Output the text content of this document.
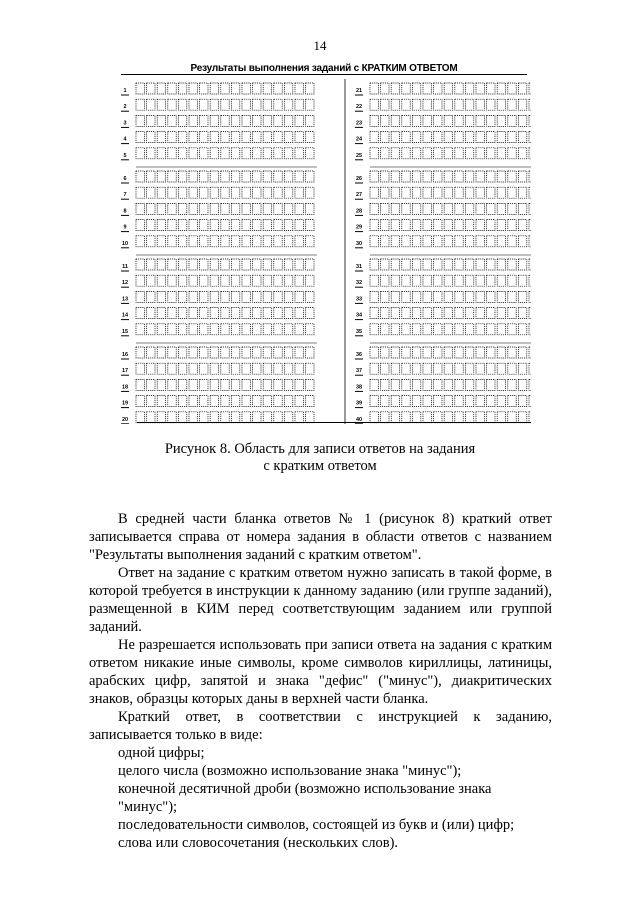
14
Результаты выполнения заданий с КРАТКИМ ОТВЕТОМ
1
2
3
4
5
6
7
8
9
10
11
12
13
14
15
16
17
18
19
20
21
22
23
24
25
26
27
28
29
30
31
32
33
34
35
36
37
38
39
40
Рисунок 8. Область для записи ответов на задания
с кратким ответом

В средней части бланка ответов № 1 (рисунок 8) краткий ответ записывается справа от номера задания в области ответов с названием "Результаты выполнения заданий с кратким ответом".

Ответ на задание с кратким ответом нужно записать в такой форме, в которой требуется в инструкции к данному заданию (или группе заданий), размещенной в КИМ перед соответствующим заданием или группой заданий.

Не разрешается использовать при записи ответа на задания с кратким ответом никакие иные символы, кроме символов кириллицы, латиницы, арабских цифр, запятой и знака "дефис" ("минус"), диакритических знаков, образцы которых даны в верхней части бланка.

Краткий ответ, в соответствии с инструкцией к заданию, записывается только в виде:

одной цифры;
целого числа (возможно использование знака "минус");
конечной десятичной дроби (возможно использование знака "минус");
последовательности символов, состоящей из букв и (или) цифр;
слова или словосочетания (нескольких слов).
